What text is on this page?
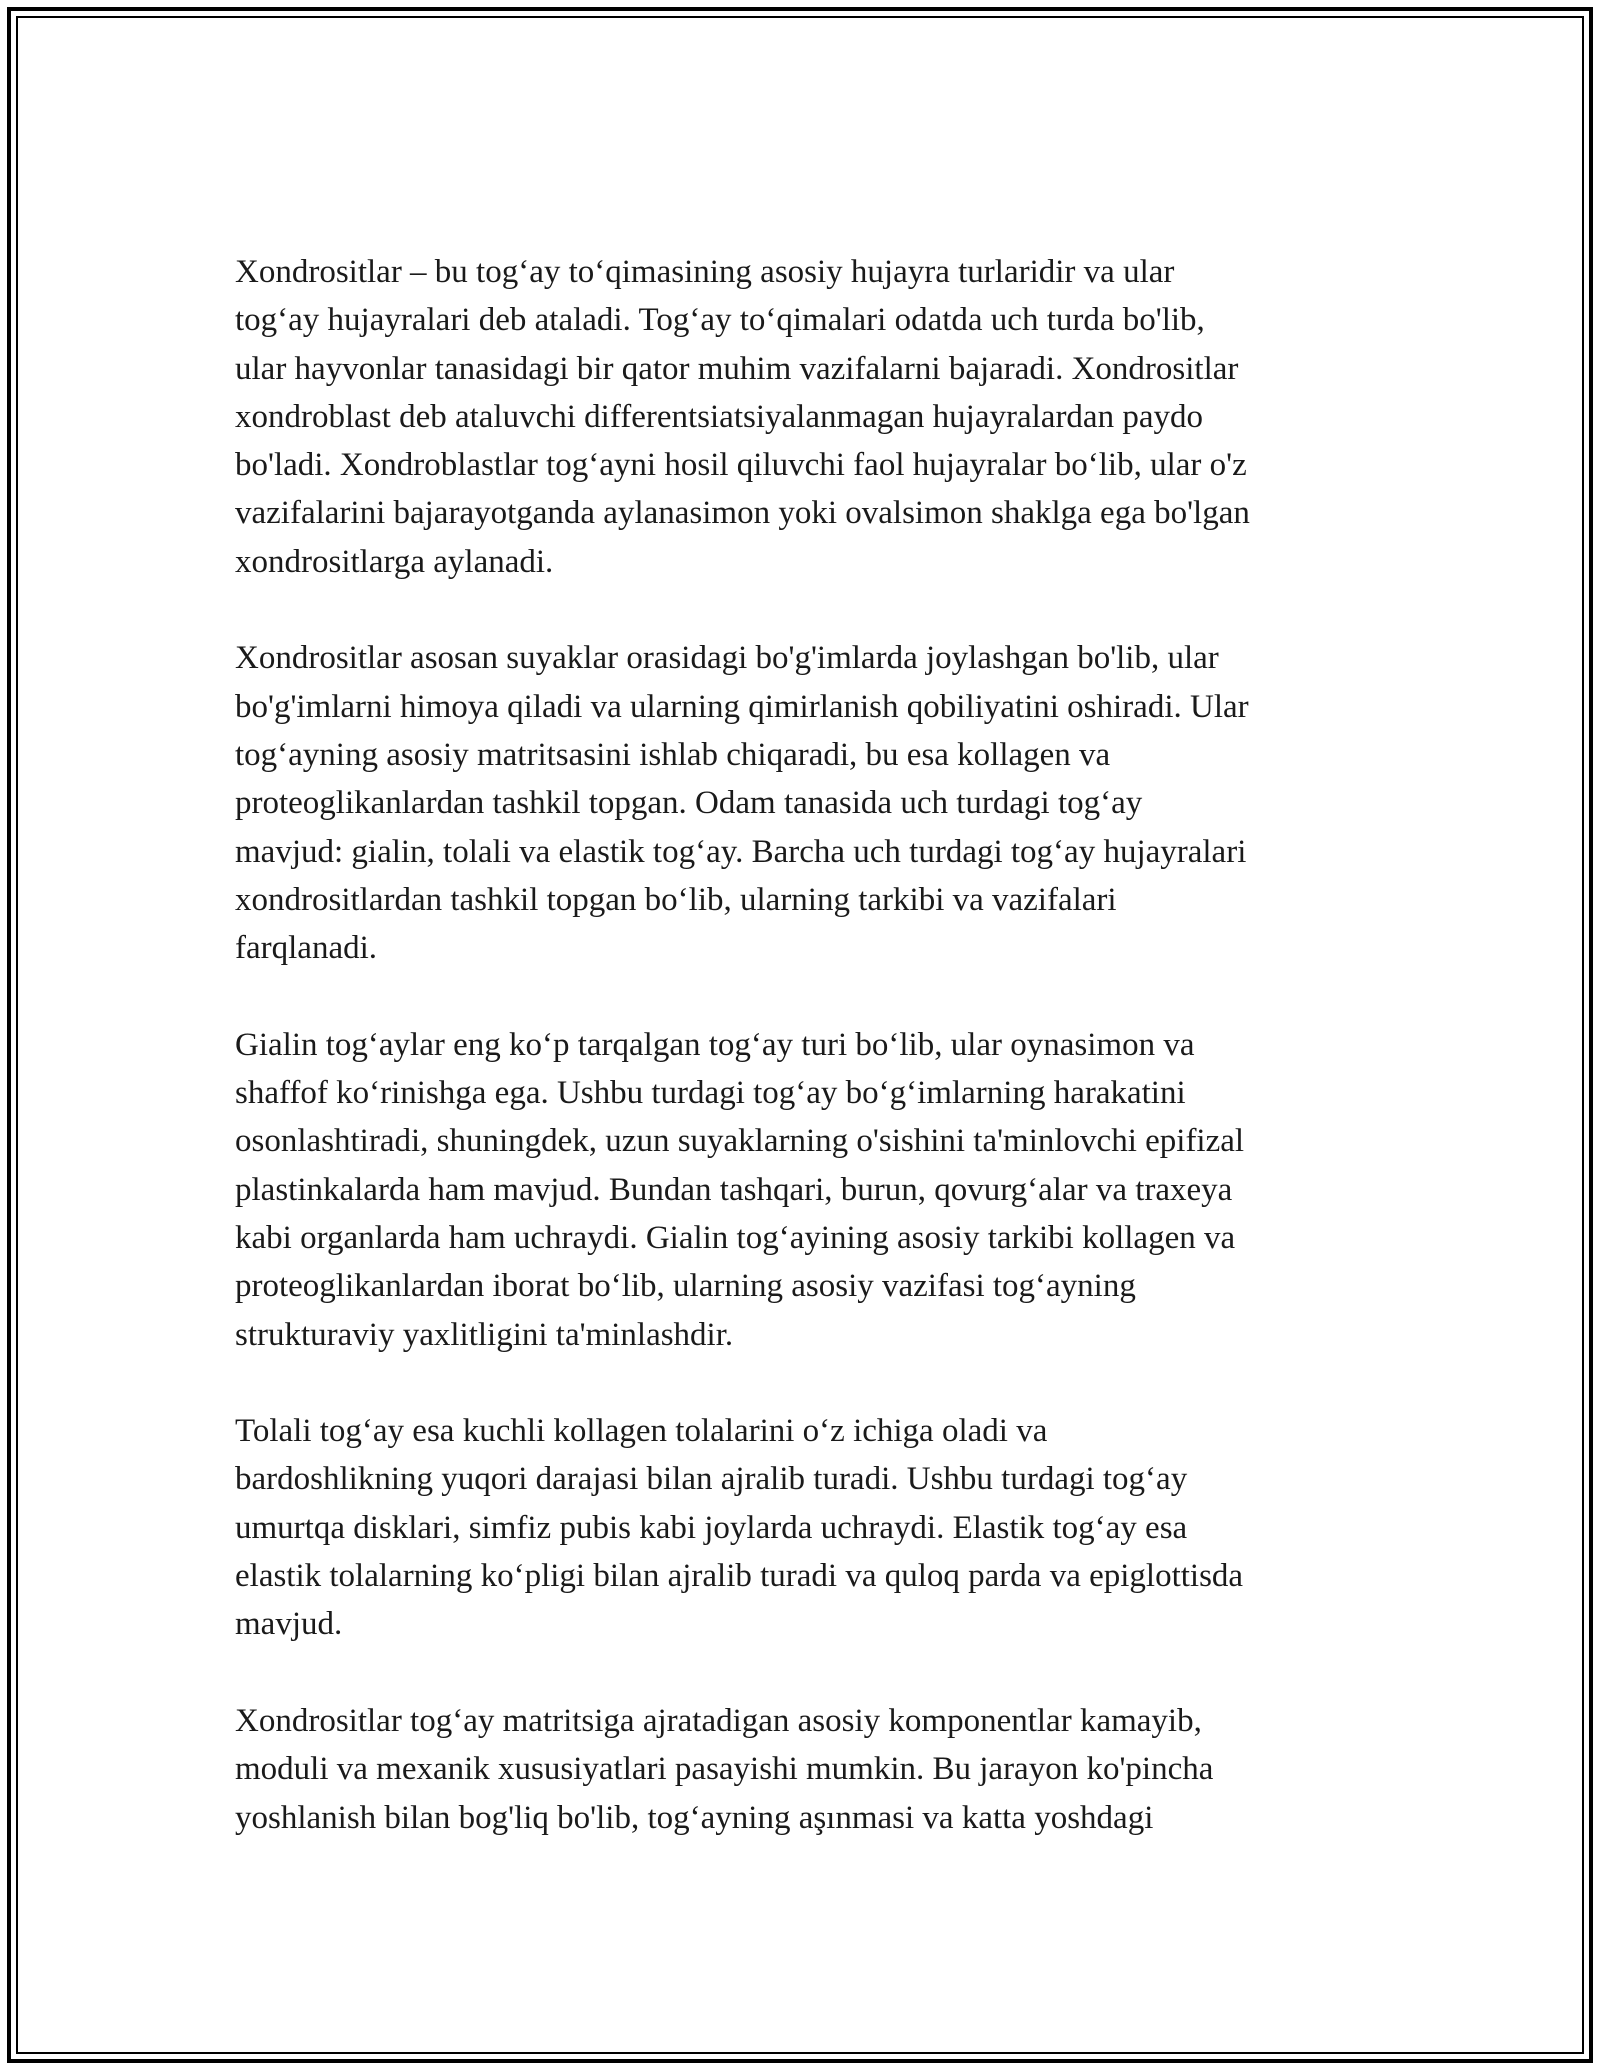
Xondrositlar – bu tog‘ay to‘qimasining asosiy hujayra turlaridir va ular
tog‘ay hujayralari deb ataladi. Tog‘ay to‘qimalari odatda uch turda bo'lib,
ular hayvonlar tanasidagi bir qator muhim vazifalarni bajaradi. Xondrositlar
xondroblast deb ataluvchi differentsiatsiyalanmagan hujayralardan paydo
bo'ladi. Xondroblastlar tog‘ayni hosil qiluvchi faol hujayralar bo‘lib, ular o'z
vazifalarini bajarayotganda aylanasimon yoki ovalsimon shaklga ega bo'lgan
xondrositlarga aylanadi.

Xondrositlar asosan suyaklar orasidagi bo'g'imlarda joylashgan bo'lib, ular
bo'g'imlarni himoya qiladi va ularning qimirlanish qobiliyatini oshiradi. Ular
tog‘ayning asosiy matritsasini ishlab chiqaradi, bu esa kollagen va
proteoglikanlardan tashkil topgan. Odam tanasida uch turdagi tog‘ay
mavjud: gialin, tolali va elastik tog‘ay. Barcha uch turdagi tog‘ay hujayralari
xondrositlardan tashkil topgan bo‘lib, ularning tarkibi va vazifalari
farqlanadi.

Gialin tog‘aylar eng ko‘p tarqalgan tog‘ay turi bo‘lib, ular oynasimon va
shaffof ko‘rinishga ega. Ushbu turdagi tog‘ay bo‘g‘imlarning harakatini
osonlashtiradi, shuningdek, uzun suyaklarning o'sishini ta'minlovchi epifizal
plastinkalarda ham mavjud. Bundan tashqari, burun, qovurg‘alar va traxeya
kabi organlarda ham uchraydi. Gialin tog‘ayining asosiy tarkibi kollagen va
proteoglikanlardan iborat bo‘lib, ularning asosiy vazifasi tog‘ayning
strukturaviy yaxlitligini ta'minlashdir.

Tolali tog‘ay esa kuchli kollagen tolalarini o‘z ichiga oladi va
bardoshlikning yuqori darajasi bilan ajralib turadi. Ushbu turdagi tog‘ay
umurtqa disklari, simfiz pubis kabi joylarda uchraydi. Elastik tog‘ay esa
elastik tolalarning ko‘pligi bilan ajralib turadi va quloq parda va epiglottisda
mavjud.

Xondrositlar tog‘ay matritsiga ajratadigan asosiy komponentlar kamayib,
moduli va mexanik xususiyatlari pasayishi mumkin. Bu jarayon ko'pincha
yoshlanish bilan bog'liq bo'lib, tog‘ayning aşınmasi va katta yoshdagi
